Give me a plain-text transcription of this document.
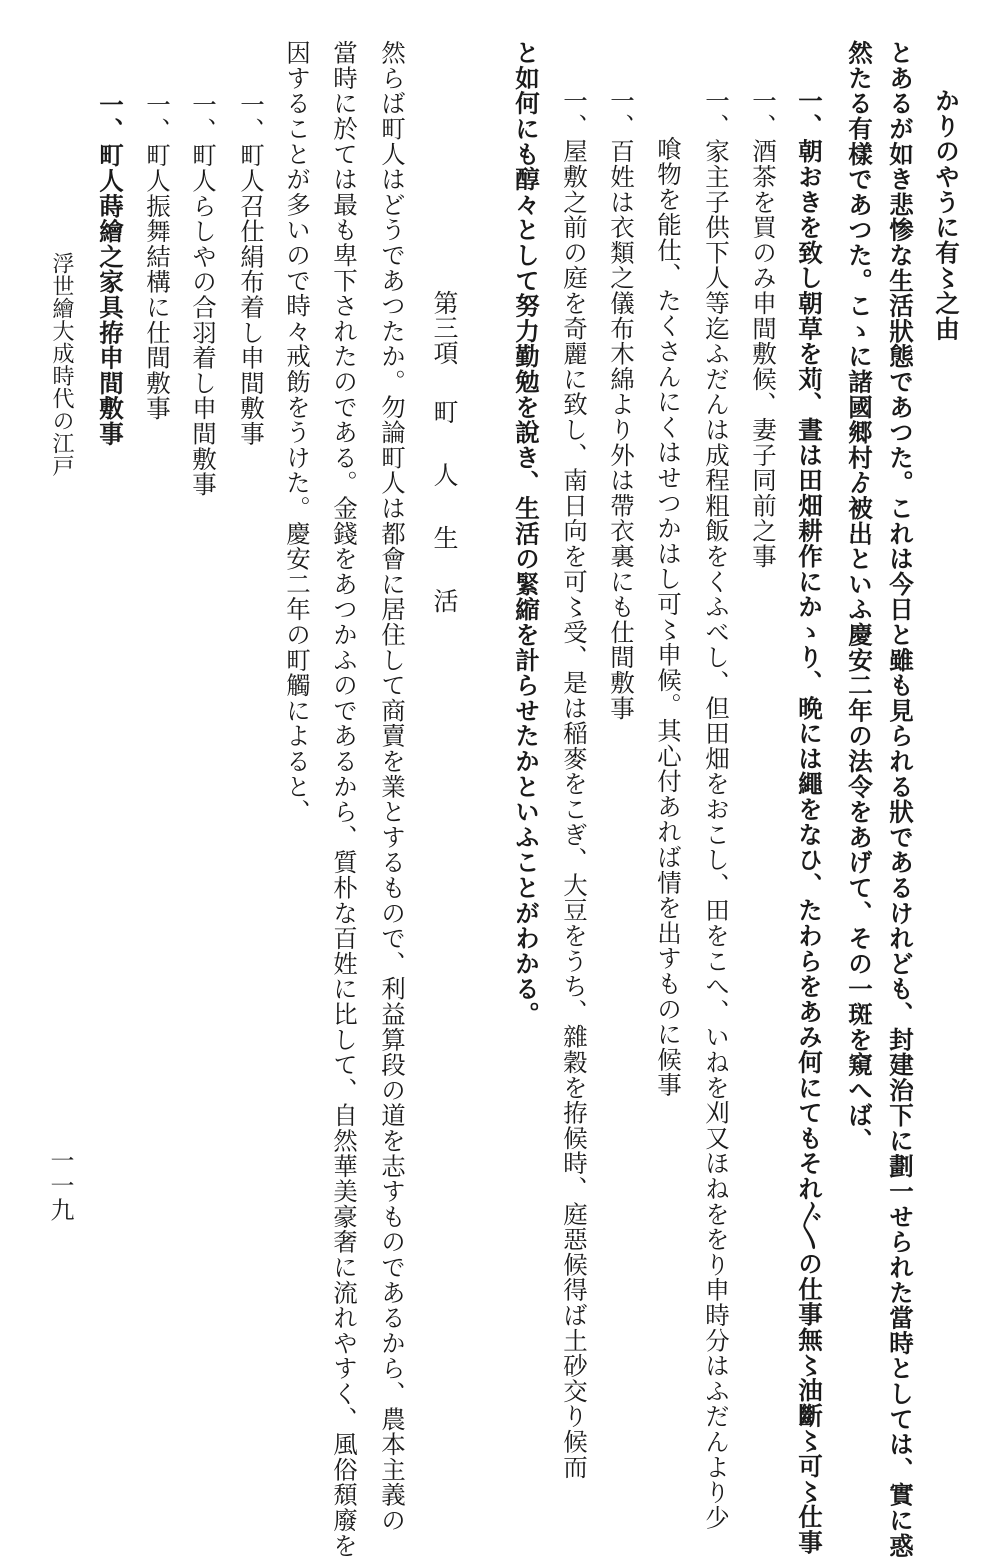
かりのやうに有〻之由
とあるが如き悲惨な生活狀態であつた。これは今日と雖も見られる狀であるけれども、封建治下に劃一せられた當時としては、實に惑
然たる有樣であつた。こゝに諸國郷村ゟ被出といふ慶安二年の法令をあげて、その一斑を窺へば、
一、朝おきを致し朝草を苅、晝は田畑耕作にかゝり、晩には繩をなひ、たわらをあみ何にてもそれ〴〵の仕事無〻油斷〻可〻仕事
一、酒茶を買のみ申間敷候、妻子同前之事
一、家主子供下人等迄ふだんは成程粗飯をくふべし、但田畑をおこし、田をこへ、いねを刈又ほねををり申時分はふだんより少
喰物を能仕、たくさんにくはせつかはし可〻申候。其心付あれば情を出すものに候事
一、百姓は衣類之儀布木綿より外は帶衣裏にも仕間敷事
一、屋敷之前の庭を奇麗に致し、南日向を可〻受、是は稲麥をこぎ、大豆をうち、雜穀を拵候時、庭惡候得ば土砂交り候而
と如何にも醇々として努力勤勉を說き、生活の緊縮を計らせたかといふことがわかる。
第三項町人生活
然らば町人はどうであつたか。勿論町人は都會に居住して商賣を業とするもので、利益算段の道を志すものであるから、農本主義の
當時に於ては最も卑下されたのである。金錢をあつかふのであるから、質朴な百姓に比して、自然華美豪奢に流れやすく、風俗頹廢を
因することが多いので時々戒飭をうけた。慶安二年の町觸によると、
一、町人召仕絹布着し申間敷事
一、町人らしやの合羽着し申間敷事
一、町人振舞結構に仕間敷事
一、町人蒔繪之家具拵申間敷事
浮世繪大成時代の江戸
一一九
